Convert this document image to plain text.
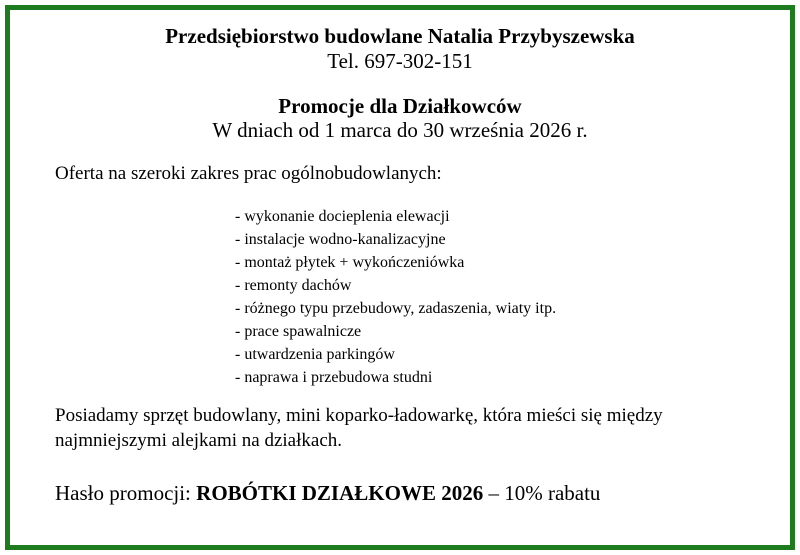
Przedsiębiorstwo budowlane Natalia Przybyszewska
Tel. 697-302-151
Promocje dla Działkowców
W dniach od 1 marca do 30 września 2026 r.
Oferta na szeroki zakres prac ogólnobudowlanych:
- wykonanie docieplenia elewacji
- instalacje wodno-kanalizacyjne
- montaż płytek + wykończeniówka
- remonty dachów
- różnego typu przebudowy, zadaszenia, wiaty itp.
- prace spawalnicze
- utwardzenia parkingów
- naprawa i przebudowa studni
Posiadamy sprzęt budowlany, mini koparko-ładowarkę, która mieści się między najmniejszymi alejkami na działkach.
Hasło promocji: ROBÓTKI DZIAŁKOWE 2026 – 10% rabatu
